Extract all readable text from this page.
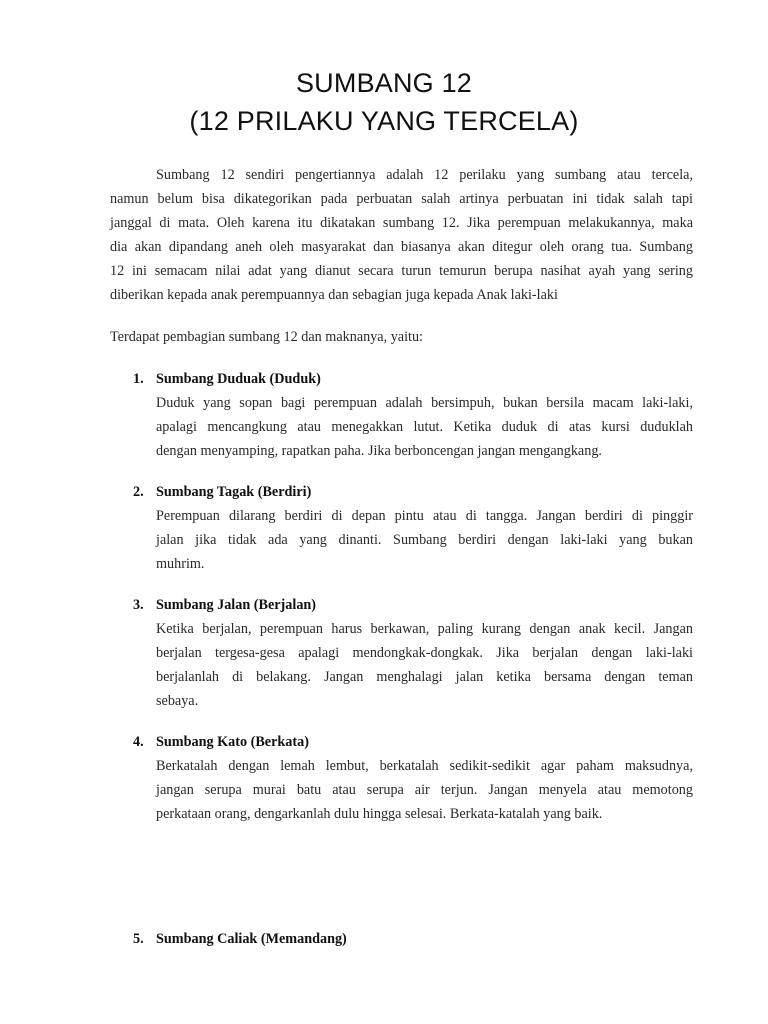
SUMBANG 12
(12 PRILAKU YANG TERCELA)
Sumbang 12 sendiri pengertiannya adalah 12 perilaku yang sumbang atau tercela,
namun belum bisa dikategorikan pada perbuatan salah artinya perbuatan ini tidak salah tapi
janggal di mata. Oleh karena itu dikatakan sumbang 12. Jika perempuan melakukannya, maka
dia akan dipandang aneh oleh masyarakat dan biasanya akan ditegur oleh orang tua. Sumbang
12 ini semacam nilai adat yang dianut secara turun temurun berupa nasihat ayah yang sering
diberikan kepada anak perempuannya dan sebagian juga kepada Anak laki-laki
Terdapat pembagian sumbang 12 dan maknanya, yaitu:
1. Sumbang Duduak (Duduk)
Duduk yang sopan bagi perempuan adalah bersimpuh, bukan bersila macam laki-laki,
apalagi mencangkung atau menegakkan lutut. Ketika duduk di atas kursi duduklah
dengan menyamping, rapatkan paha. Jika berboncengan jangan mengangkang.
2. Sumbang Tagak (Berdiri)
Perempuan dilarang berdiri di depan pintu atau di tangga. Jangan berdiri di pinggir
jalan jika tidak ada yang dinanti. Sumbang berdiri dengan laki-laki yang bukan
muhrim.
3. Sumbang Jalan (Berjalan)
Ketika berjalan, perempuan harus berkawan, paling kurang dengan anak kecil. Jangan
berjalan tergesa-gesa apalagi mendongkak-dongkak. Jika berjalan dengan laki-laki
berjalanlah di belakang. Jangan menghalagi jalan ketika bersama dengan teman
sebaya.
4. Sumbang Kato (Berkata)
Berkatalah dengan lemah lembut, berkatalah sedikit-sedikit agar paham maksudnya,
jangan serupa murai batu atau serupa air terjun. Jangan menyela atau memotong
perkataan orang, dengarkanlah dulu hingga selesai. Berkata-katalah yang baik.
5. Sumbang Caliak (Memandang)
